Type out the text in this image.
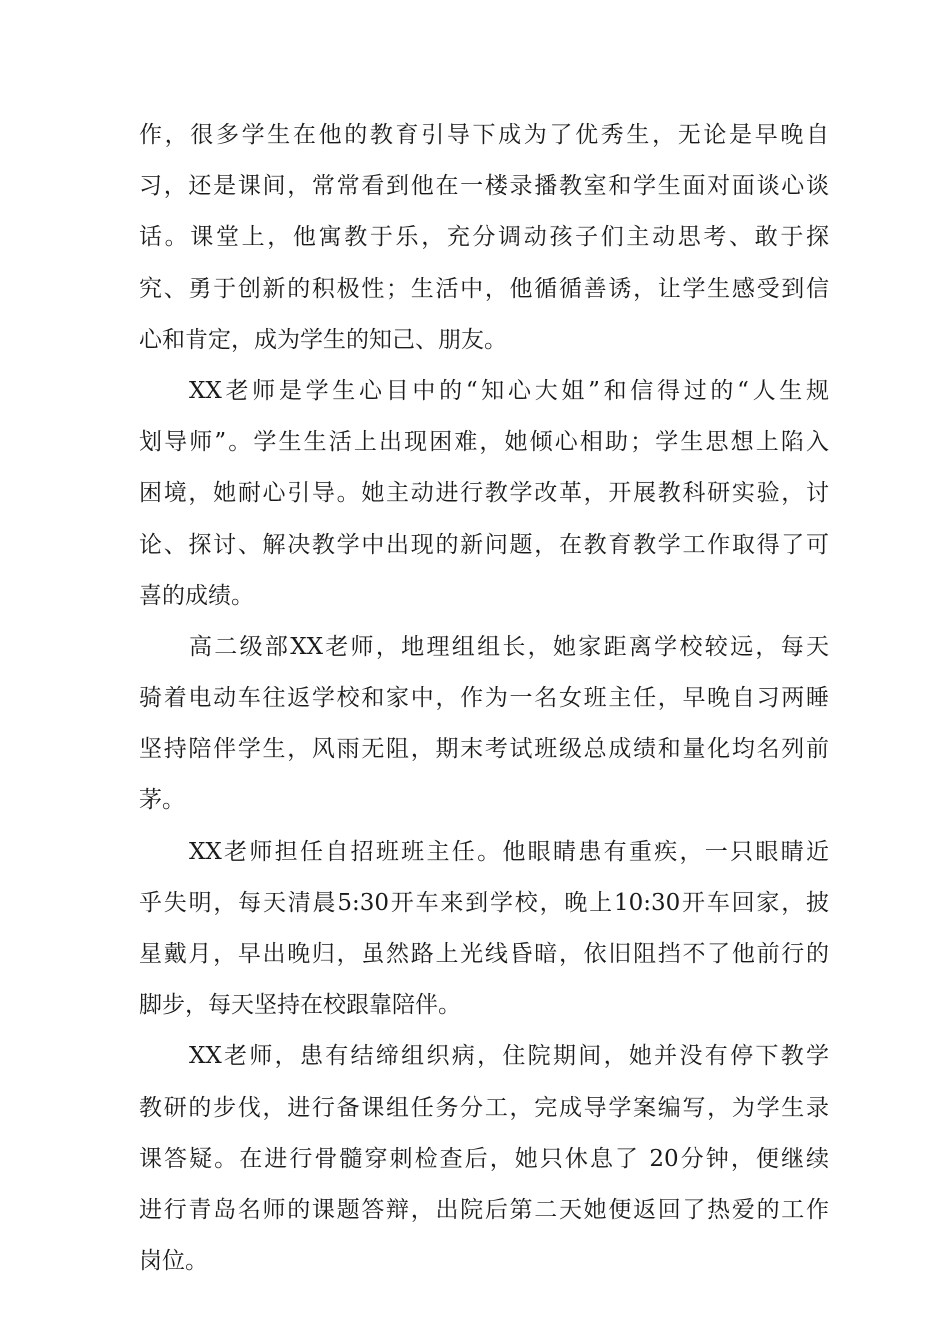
作，很多学生在他的教育引导下成为了优秀生，无论是早晚自
习，还是课间，常常看到他在一楼录播教室和学生面对面谈心谈
话。课堂上，他寓教于乐，充分调动孩子们主动思考、敢于探
究、勇于创新的积极性；生活中，他循循善诱，让学生感受到信
心和肯定，成为学生的知己、朋友。
XX老师是学生心目中的“知心大姐”和信得过的“人生规
划导师”。学生生活上出现困难，她倾心相助；学生思想上陷入
困境，她耐心引导。她主动进行教学改革，开展教科研实验，讨
论、探讨、解决教学中出现的新问题，在教育教学工作取得了可
喜的成绩。
高二级部XX老师，地理组组长，她家距离学校较远，每天
骑着电动车往返学校和家中，作为一名女班主任，早晚自习两睡
坚持陪伴学生，风雨无阻，期末考试班级总成绩和量化均名列前
茅。
XX老师担任自招班班主任。他眼睛患有重疾，一只眼睛近
乎失明，每天清晨5:30开车来到学校，晚上10:30开车回家，披
星戴月，早出晚归，虽然路上光线昏暗，依旧阻挡不了他前行的
脚步，每天坚持在校跟靠陪伴。
XX老师，患有结缔组织病，住院期间，她并没有停下教学
教研的步伐，进行备课组任务分工，完成导学案编写，为学生录
课答疑。在进行骨髓穿刺检查后，她只休息了 20分钟，便继续
进行青岛名师的课题答辩，出院后第二天她便返回了热爱的工作
岗位。
